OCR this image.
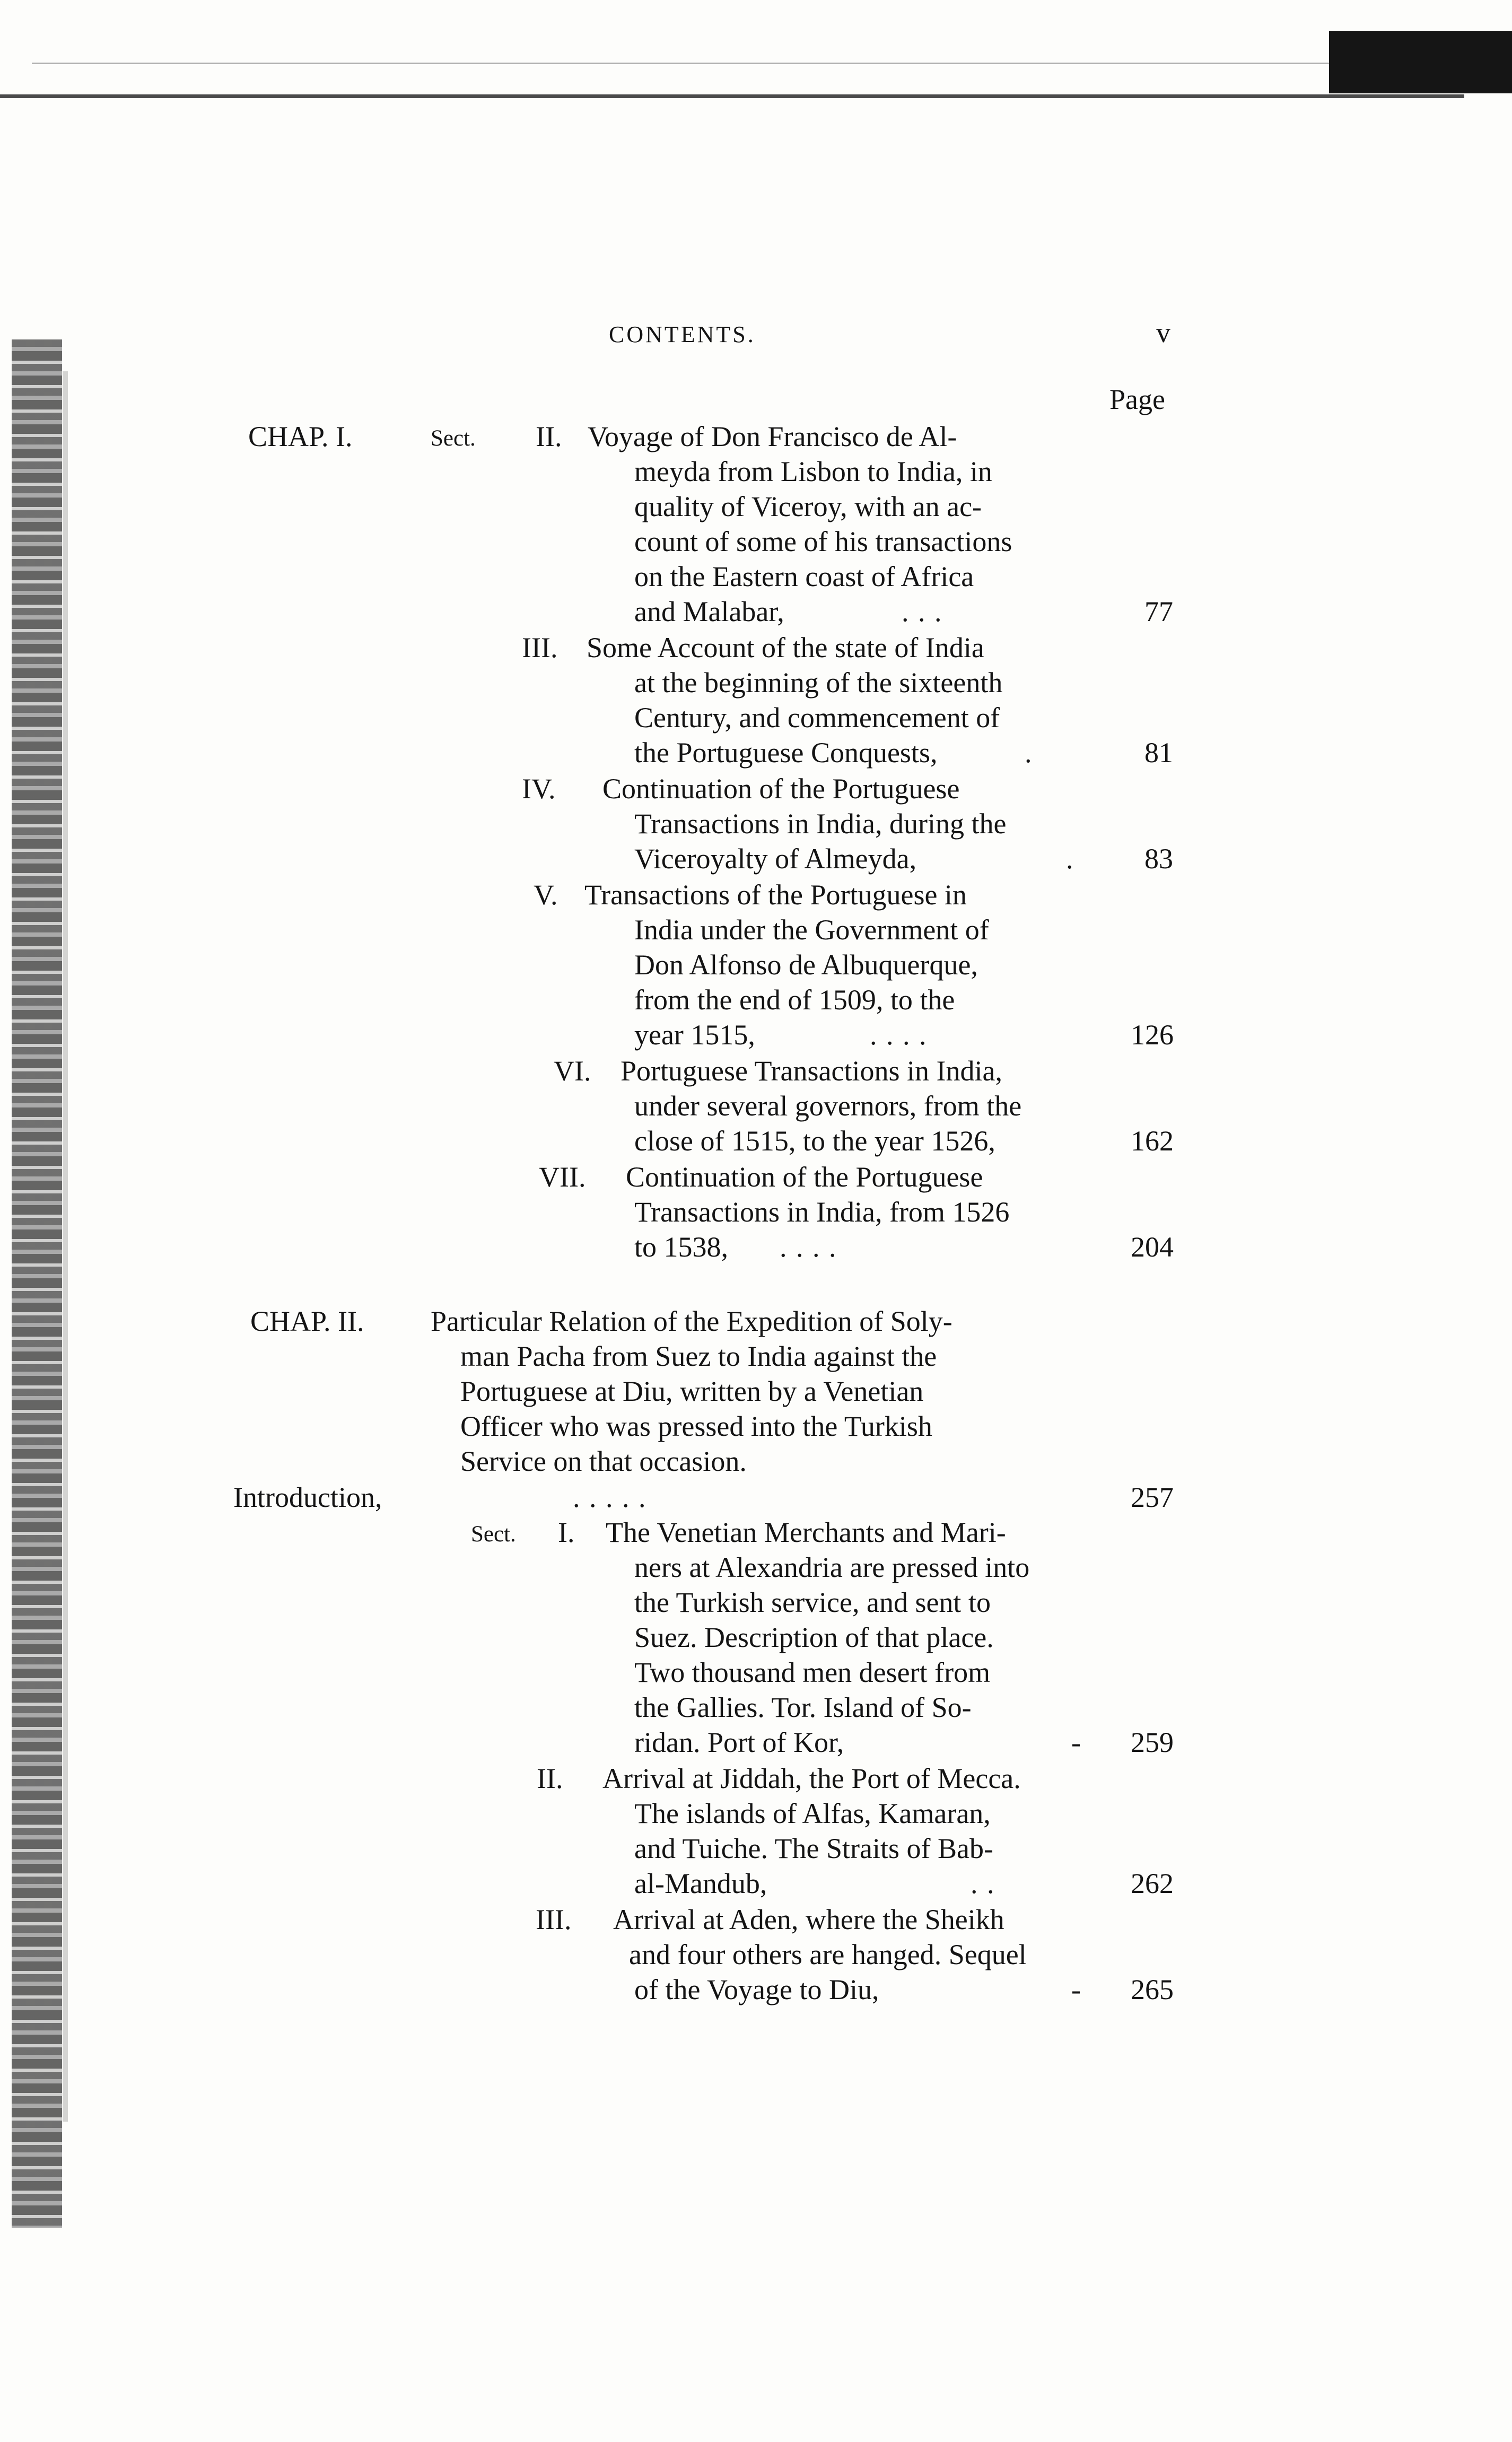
CONTENTS.	v
Page
CHAP. I.	Sect. II. Voyage of Don Francisco de Al-
meyda from Lisbon to India, in
quality of Viceroy, with an ac-
count of some of his transactions
on the Eastern coast of Africa
and Malabar,	. . .	77
III. Some Account of the state of India
at the beginning of the sixteenth
Century, and commencement of
the Portuguese Conquests,	.	81
IV. Continuation of the Portuguese
Transactions in India, during the
Viceroyalty of Almeyda,	. 83
V. Transactions of the Portuguese in
India under the Government of
Don Alfonso de Albuquerque,
from the end of 1509, to the
year 1515,	. . . .	126
VI. Portuguese Transactions in India,
under several governors, from the
close of 1515, to the year 1526,	162
VII. Continuation of the Portuguese
Transactions in India, from 1526
to 1538, . . . .	204
CHAP. II. Particular Relation of the Expedition of Soly-
man Pacha from Suez to India against the
Portuguese at Diu, written by a Venetian
Officer who was pressed into the Turkish
Service on that occasion.
Introduction,	. . . . .	257
Sect. I. The Venetian Merchants and Mari-
ners at Alexandria are pressed into
the Turkish service, and sent to
Suez. Description of that place.
Two thousand men desert from
the Gallies. Tor. Island of So-
ridan. Port of Kor,	- 259
II. Arrival at Jiddah, the Port of Mecca.
The islands of Alfas, Kamaran,
and Tuiche. The Straits of Bab-
al-Mandub,	. .	262
III. Arrival at Aden, where the Sheikh
and four others are hanged. Sequel
of the Voyage to Diu,	- 265
